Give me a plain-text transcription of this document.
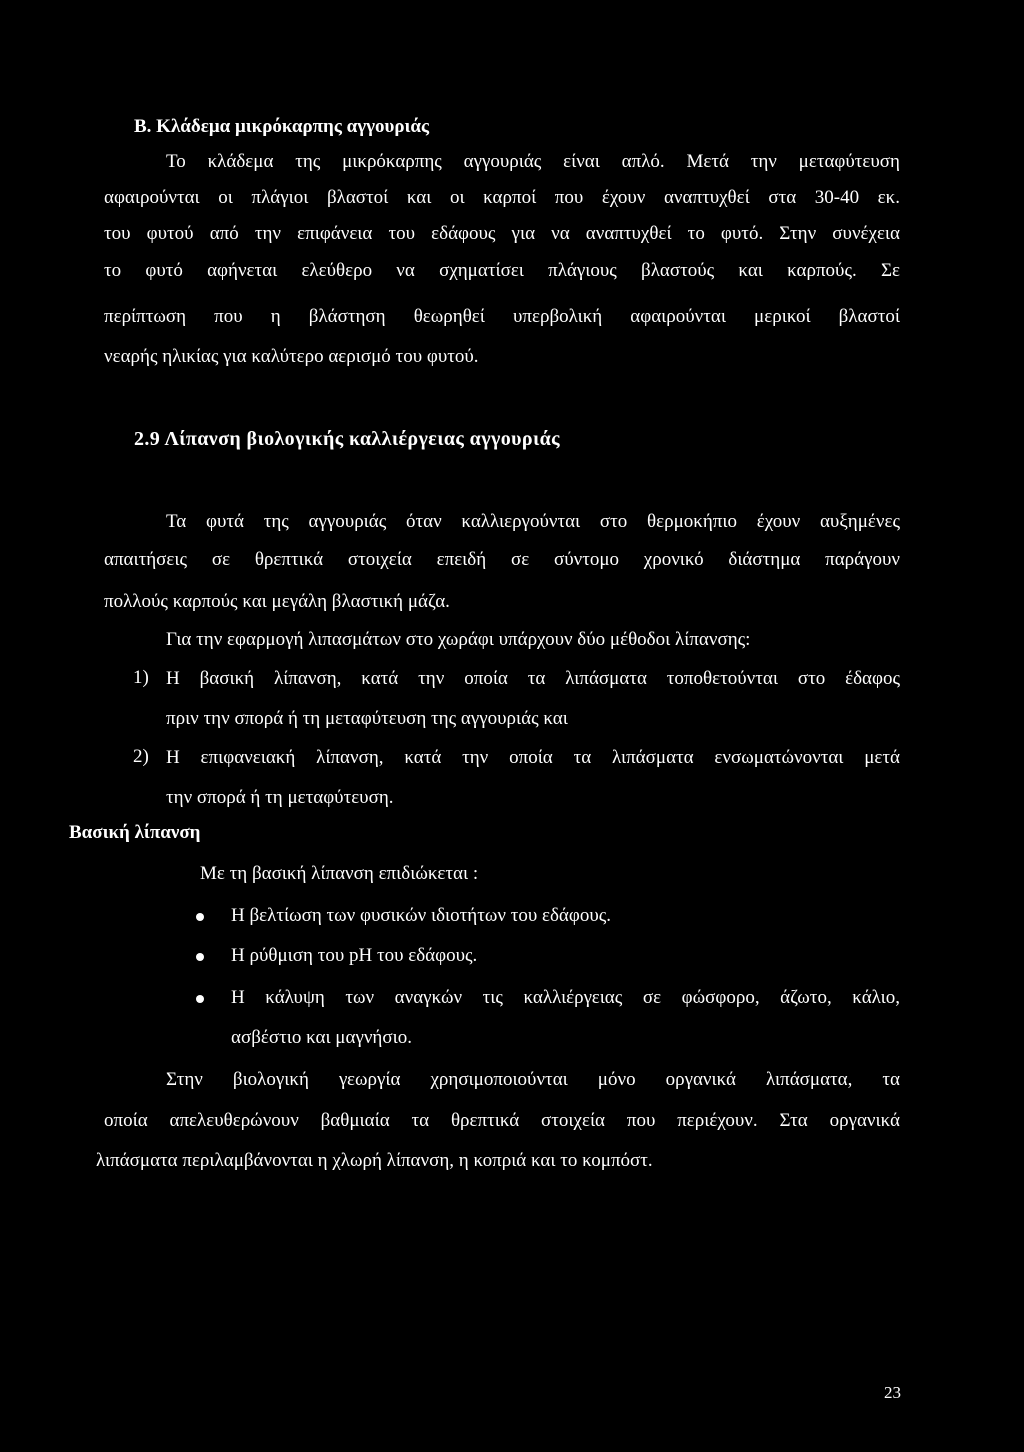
B. Κλάδεμα μικρόκαρπης αγγουριάς
Το κλάδεμα της μικρόκαρπης αγγουριάς είναι απλό. Μετά την μεταφύτευση
αφαιρούνται οι πλάγιοι βλαστοί και οι καρποί που έχουν αναπτυχθεί στα 30-40 εκ.
του φυτού από την επιφάνεια του εδάφους για να αναπτυχθεί το φυτό. Στην συνέχεια
το φυτό αφήνεται ελεύθερο να σχηματίσει πλάγιους βλαστούς και καρπούς. Σε
περίπτωση που η βλάστηση θεωρηθεί υπερβολική αφαιρούνται μερικοί βλαστοί
νεαρής ηλικίας για καλύτερο αερισμό του φυτού.
2.9 Λίπανση βιολογικής καλλιέργειας αγγουριάς
Τα φυτά της αγγουριάς όταν καλλιεργούνται στο θερμοκήπιο έχουν αυξημένες
απαιτήσεις σε θρεπτικά στοιχεία επειδή σε σύντομο χρονικό διάστημα παράγουν
πολλούς καρπούς και μεγάλη βλαστική μάζα.
Για την εφαρμογή λιπασμάτων στο χωράφι υπάρχουν δύο μέθοδοι λίπανσης:
1) Η βασική λίπανση, κατά την οποία τα λιπάσματα τοποθετούνται στο έδαφος
πριν την σπορά ή τη μεταφύτευση της αγγουριάς και
2) Η επιφανειακή λίπανση, κατά την οποία τα λιπάσματα ενσωματώνονται μετά
την σπορά ή τη μεταφύτευση.
Βασική λίπανση
Με τη βασική λίπανση επιδιώκεται :
Η βελτίωση των φυσικών ιδιοτήτων του εδάφους.
Η ρύθμιση του pH του εδάφους.
Η κάλυψη των αναγκών τις καλλιέργειας σε φώσφορο, άζωτο, κάλιο,
ασβέστιο και μαγνήσιο.
Στην βιολογική γεωργία χρησιμοποιούνται μόνο οργανικά λιπάσματα, τα
οποία απελευθερώνουν βαθμιαία τα θρεπτικά στοιχεία που περιέχουν. Στα οργανικά
λιπάσματα περιλαμβάνονται η χλωρή λίπανση, η κοπριά και το κομπόστ.
23
